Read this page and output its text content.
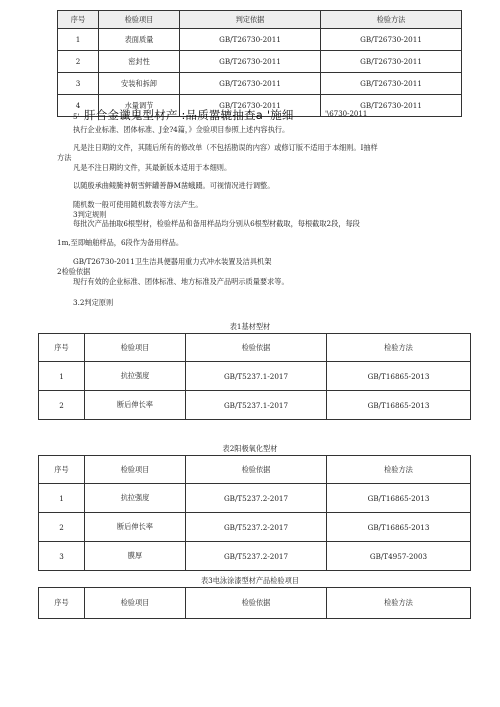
序号	检验项目	判定依据	检验方法
1	表面质量	GB/T26730-2011	GB/T26730-2011
2	密封性	GB/T26730-2011	GB/T26730-2011
3	安装和拆卸	GB/T26730-2011	GB/T26730-2011
4	水量调节	GB/T26730-2011	GB/T26730-2011
5' 肝合金谶鬼型材产 :品质嚣辘抽查a '施细	'\6730-2011
执行企业标准、团体标准、J金?4篇，》佥验项目参照上述内容执行。
凡是注日期的文件，其随后所有的修改单（不包括勘误的内容）或修订版不适用于本细则。I抽样
方法
凡是不注日期的文件，其最新版本适用于本细则。
以随殷承曲鲮腌神朝雪鲆罐善静M凿蛾蹑。可视情况进行调整。
随机数一般可使用随机数表等方法产生。
3判定规则
每批次产品抽取6根型材，检验样品和备用样品均分别从6根型材截取，每根截取2段，每段
1m,至即蚰舶样品，6段作为备用样品。
GB/T26730-2011卫生洁具便器用重力式冲水装置及洁具机架
2检验依据
现行有效的企业标准、团体标准、地方标准及产品明示质量要求等。
3.2判定原则
表1基材型材
序号	检验项目	检验依据	检验方法
1	抗拉强度	GB/T5237.1-2017	GB/T16865-2013
2	断后伸长率	GB/T5237.1-2017	GB/T16865-2013
表2阳极氧化型材
序号	检验项目	检验依据	检验方法
1	抗拉强度	GB/T5237.2-2017	GB/T16865-2013
2	断后伸长率	GB/T5237.2-2017	GB/T16865-2013
3	膜厚	GB/T5237.2-2017	GB/T4957-2003
表3电泳涂漆型材产品检验项目
序号	检验项目	检验依据	检验方法
